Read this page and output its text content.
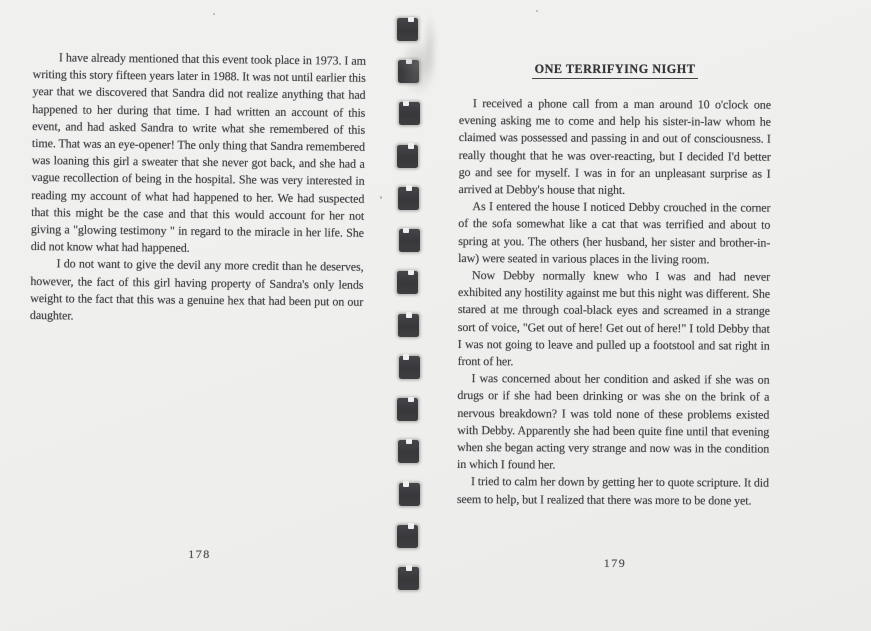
I have already mentioned that this event took place in 1973. I am writing this story fifteen years later in 1988. It was not until earlier this year that we discovered that Sandra did not realize anything that had happened to her during that time. I had written an account of this event, and had asked Sandra to write what she remembered of this time. That was an eye-opener! The only thing that Sandra remembered was loaning this girl a sweater that she never got back, and she had a vague recollection of being in the hospital. She was very interested in reading my account of what had happened to her. We had suspected that this might be the case and that this would account for her not giving a "glowing testimony " in regard to the miracle in her life. She did not know what had happened.

I do not want to give the devil any more credit than he deserves, however, the fact of this girl having property of Sandra's only lends weight to the fact that this was a genuine hex that had been put on our daughter.

178
ONE TERRIFYING NIGHT

I received a phone call from a man around 10 o'clock one evening asking me to come and help his sister-in-law whom he claimed was possessed and passing in and out of consciousness. I really thought that he was over-reacting, but I decided I'd better go and see for myself. I was in for an unpleasant surprise as I arrived at Debby's house that night.

As I entered the house I noticed Debby crouched in the corner of the sofa somewhat like a cat that was terrified and about to spring at you. The others (her husband, her sister and brother-in-law) were seated in various places in the living room.

Now Debby normally knew who I was and had never exhibited any hostility against me but this night was different. She stared at me through coal-black eyes and screamed in a strange sort of voice, "Get out of here! Get out of here!" I told Debby that I was not going to leave and pulled up a footstool and sat right in front of her.

I was concerned about her condition and asked if she was on drugs or if she had been drinking or was she on the brink of a nervous breakdown? I was told none of these problems existed with Debby. Apparently she had been quite fine until that evening when she began acting very strange and now was in the condition in which I found her.

I tried to calm her down by getting her to quote scripture. It did seem to help, but I realized that there was more to be done yet.

179
